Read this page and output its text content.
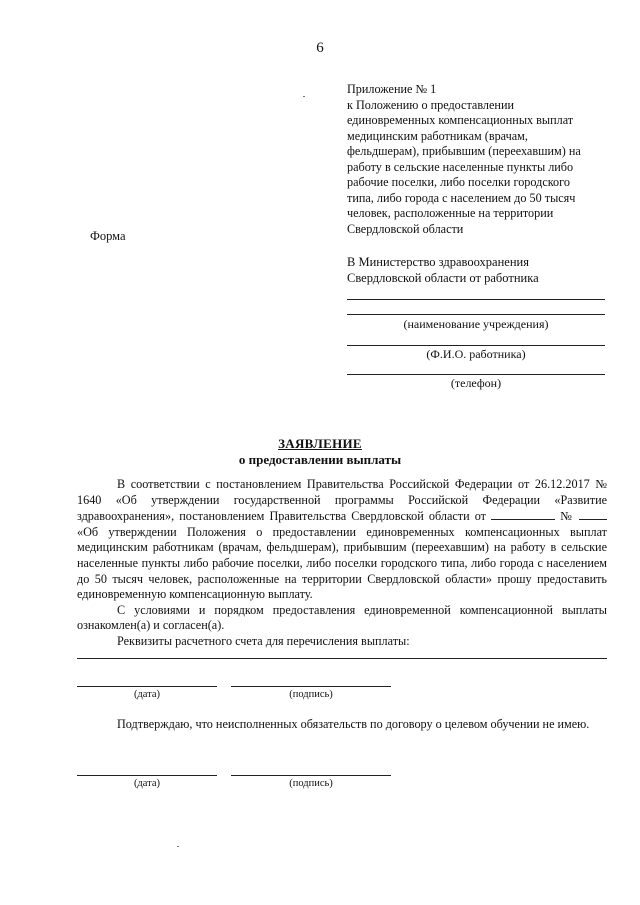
6
Приложение № 1
к Положению о предоставлении
единовременных компенсационных выплат
медицинским работникам (врачам,
фельдшерам), прибывшим (переехавшим) на
работу в сельские населенные пункты либо
рабочие поселки, либо поселки городского
типа, либо города с населением до 50 тысяч
человек, расположенные на территории
Свердловской области
Форма
В Министерство здравоохранения
Свердловской области от работника
(наименование учреждения)
(Ф.И.О. работника)
(телефон)
ЗАЯВЛЕНИЕ
о предоставлении выплаты

В соответствии с постановлением Правительства Российской Федерации от 26.12.2017 № 1640 «Об утверждении государственной программы Российской Федерации «Развитие здравоохранения», постановлением Правительства Свердловской области от	№  «Об утверждении Положения о предоставлении единовременных компенсационных выплат медицинским работникам (врачам, фельдшерам), прибывшим (переехавшим) на работу в сельские населенные пункты либо рабочие поселки, либо поселки городского типа, либо города с населением до 50 тысяч человек, расположенные на территории Свердловской области» прошу предоставить единовременную компенсационную выплату.

С условиями и порядком предоставления единовременной компенсационной выплаты ознакомлен(а) и согласен(а).

Реквизиты расчетного счета для перечисления выплаты:

(дата)	(подпись)

Подтверждаю, что неисполненных обязательств по договору о целевом обучении не имею.

(дата)	(подпись)
